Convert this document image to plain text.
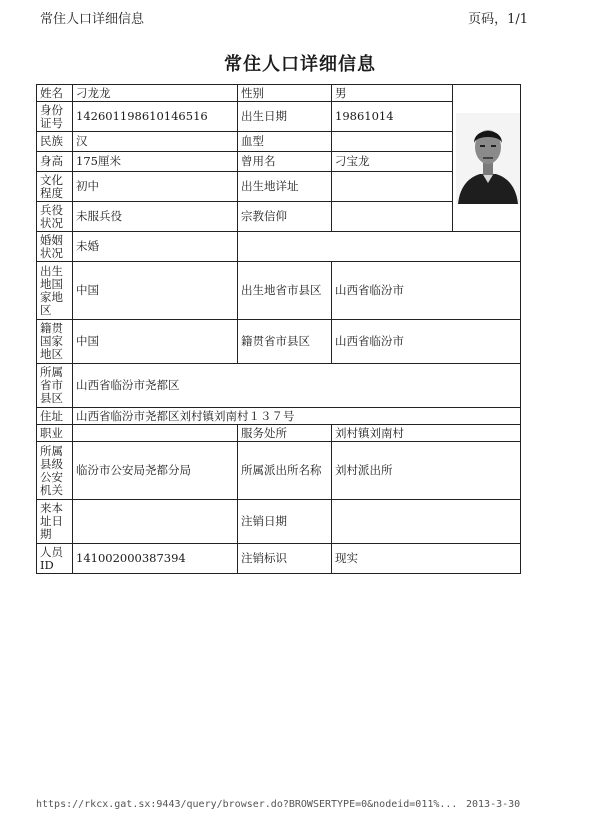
常住人口详细信息	页码，1/1
常住人口详细信息
姓名	刁龙龙	性别	男	

身份证号	142601198610146516	出生日期	19861014	
民族	汉	血型		
身高	175厘米	曾用名	刁宝龙	
文化程度	初中	出生地详址		
兵役状况	未服兵役	宗教信仰		
婚姻状况	未婚			
出生地国家地区	中国	出生地省市县区	山西省临汾市	
籍贯国家地区	中国	籍贯省市县区	山西省临汾市	
所属省市县区	山西省临汾市尧都区			
住址	山西省临汾市尧都区刘村镇刘南村１３７号			
职业		服务处所	刘村镇刘南村	
所属县级公安机关	临汾市公安局尧都分局	所属派出所名称	刘村派出所	
来本址日期		注销日期		
人员ID	141002000387394	注销标识	现实	
https://rkcx.gat.sx:9443/query/browser.do?BROWSERTYPE=0&nodeid=011%... 2013-3-30
